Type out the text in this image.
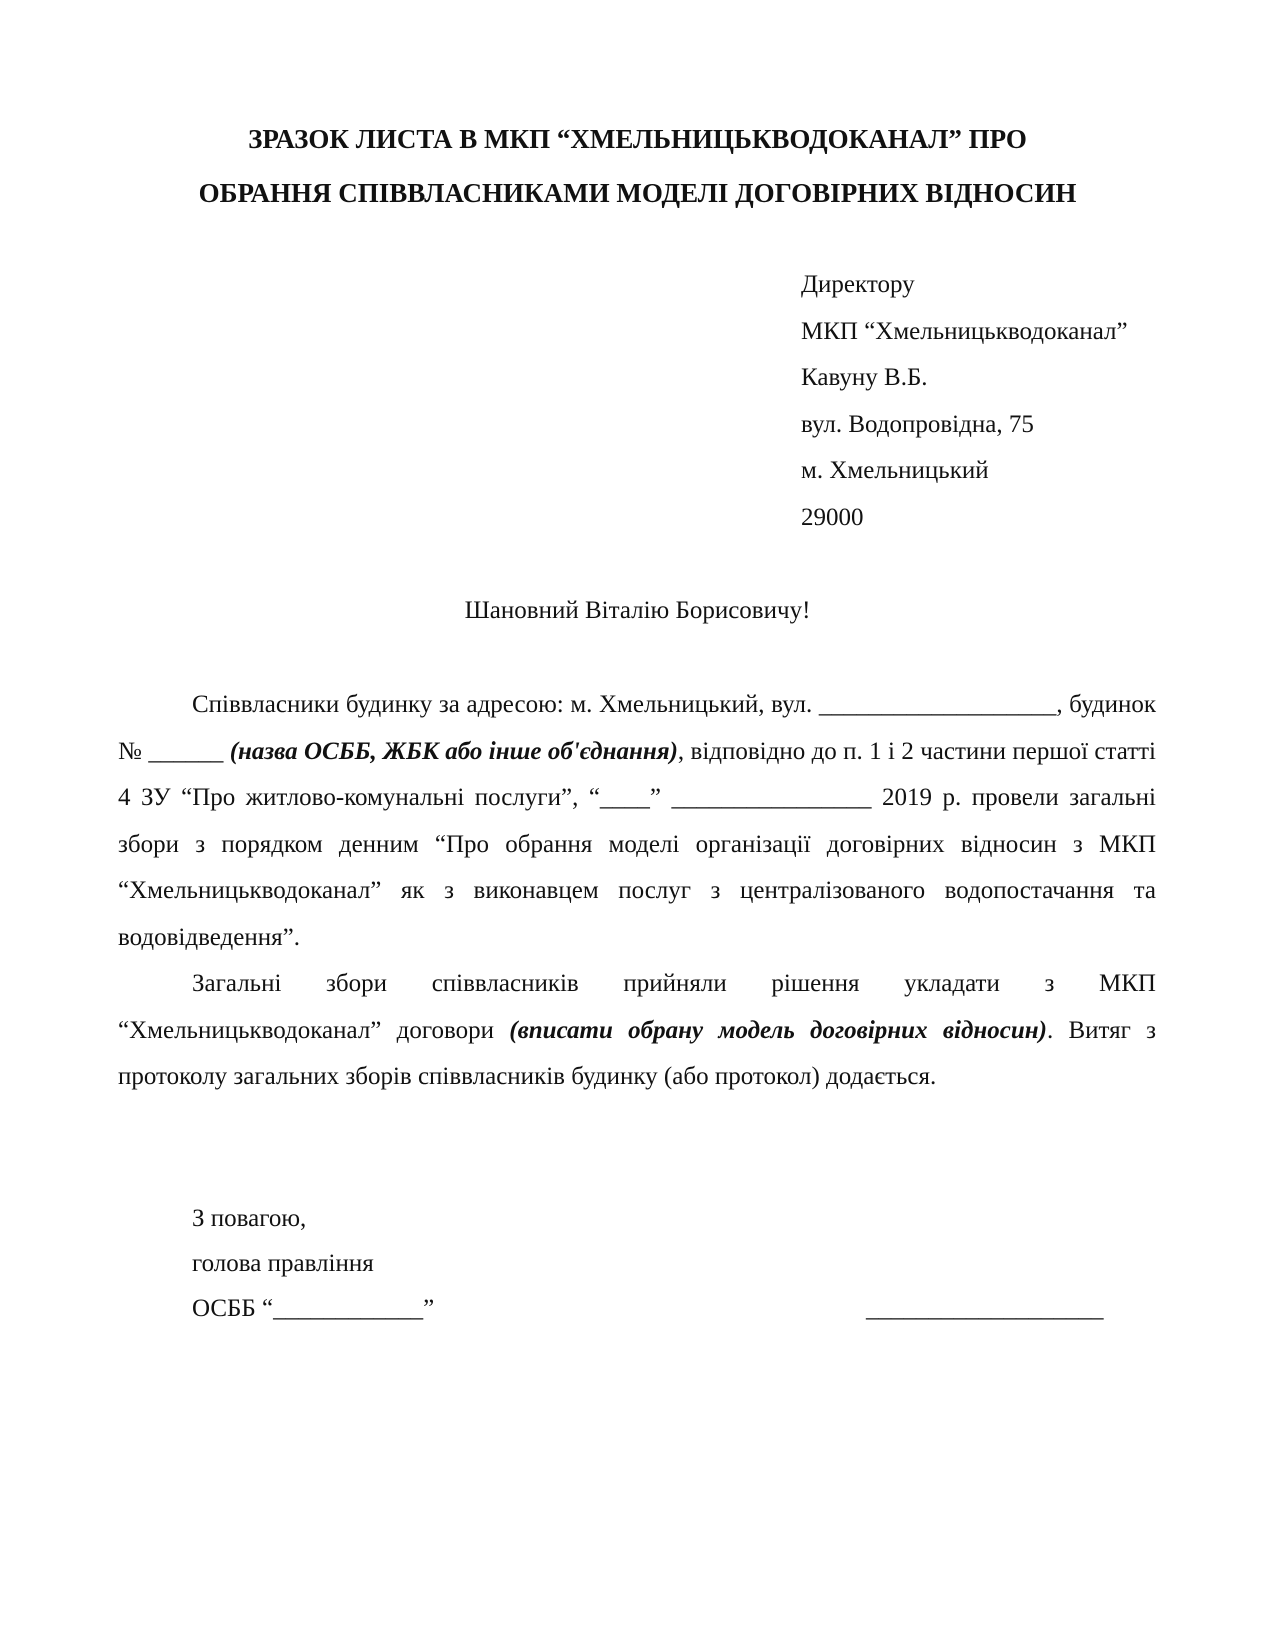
ЗРАЗОК ЛИСТА В МКП “ХМЕЛЬНИЦЬКВОДОКАНАЛ” ПРО
ОБРАННЯ СПІВВЛАСНИКАМИ МОДЕЛІ ДОГОВІРНИХ ВІДНОСИН
Директору
МКП “Хмельницькводоканал”
Кавуну В.Б.
вул. Водопровідна, 75
м. Хмельницький
29000
Шановний Віталію Борисовичу!

Співвласники будинку за адресою: м. Хмельницький, вул. ___________________, будинок № ______ (назва ОСББ, ЖБК або інше об'єднання), відповідно до п. 1 і 2 частини першої статті 4 ЗУ “Про житлово-комунальні послуги”, “____” ________________ 2019 р. провели загальні збори з порядком денним “Про обрання моделі організації договірних відносин з МКП “Хмельницькводоканал” як з виконавцем послуг з централізованого водопостачання та водовідведення”.

Загальні збори співвласників прийняли рішення укладати з МКП “Хмельницькводоканал” договори (вписати обрану модель договірних відносин). Витяг з протоколу загальних зборів співвласників будинку (або протокол) додається.

З повагою,
голова правління
ОСББ “____________”	___________________
